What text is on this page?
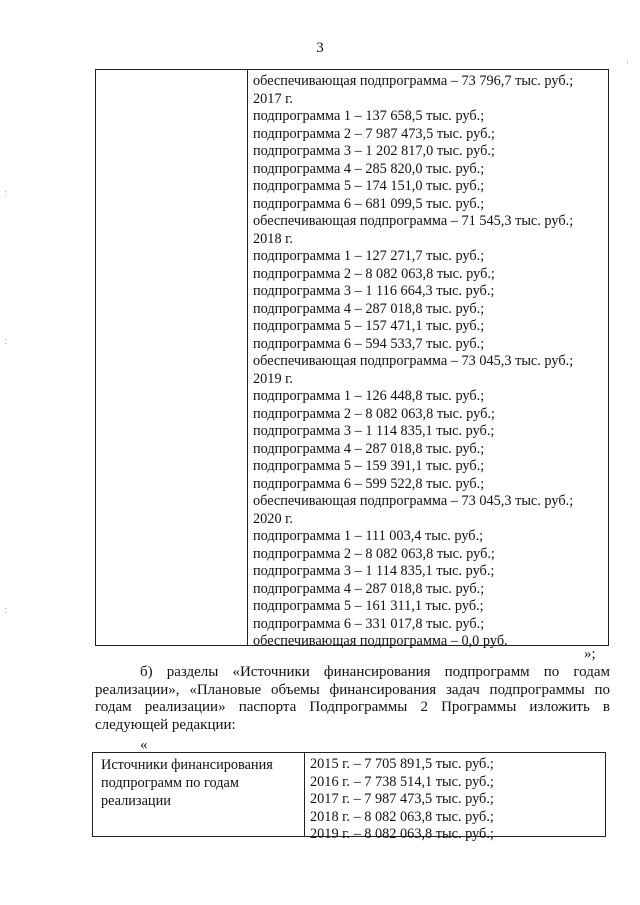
3
обеспечивающая подпрограмма – 73 796,7 тыс. руб.;
2017 г.
подпрограмма 1 – 137 658,5 тыс. руб.;
подпрограмма 2 – 7 987 473,5 тыс. руб.;
подпрограмма 3 – 1 202 817,0 тыс. руб.;
подпрограмма 4 – 285 820,0 тыс. руб.;
подпрограмма 5 – 174 151,0 тыс. руб.;
подпрограмма 6 – 681 099,5 тыс. руб.;
обеспечивающая подпрограмма – 71 545,3 тыс. руб.;
2018 г.
подпрограмма 1 – 127 271,7 тыс. руб.;
подпрограмма 2 – 8 082 063,8 тыс. руб.;
подпрограмма 3 – 1 116 664,3 тыс. руб.;
подпрограмма 4 – 287 018,8 тыс. руб.;
подпрограмма 5 – 157 471,1 тыс. руб.;
подпрограмма 6 – 594 533,7 тыс. руб.;
обеспечивающая подпрограмма – 73 045,3 тыс. руб.;
2019 г.
подпрограмма 1 – 126 448,8 тыс. руб.;
подпрограмма 2 – 8 082 063,8 тыс. руб.;
подпрограмма 3 – 1 114 835,1 тыс. руб.;
подпрограмма 4 – 287 018,8 тыс. руб.;
подпрограмма 5 – 159 391,1 тыс. руб.;
подпрограмма 6 – 599 522,8 тыс. руб.;
обеспечивающая подпрограмма – 73 045,3 тыс. руб.;
2020 г.
подпрограмма 1 – 111 003,4 тыс. руб.;
подпрограмма 2 – 8 082 063,8 тыс. руб.;
подпрограмма 3 – 1 114 835,1 тыс. руб.;
подпрограмма 4 – 287 018,8 тыс. руб.;
подпрограмма 5 – 161 311,1 тыс. руб.;
подпрограмма 6 – 331 017,8 тыс. руб.;
обеспечивающая подпрограмма – 0,0 руб.
»;

б) разделы «Источники финансирования подпрограмм по годам реализации», «Плановые объемы финансирования задач подпрограммы по годам реализации» паспорта Подпрограммы 2 Программы изложить в следующей редакции:

«
Источники финансирования подпрограмм по годам реализации
2015 г. – 7 705 891,5 тыс. руб.;
2016 г. – 7 738 514,1 тыс. руб.;
2017 г. – 7 987 473,5 тыс. руб.;
2018 г. – 8 082 063,8 тыс. руб.;
2019 г. – 8 082 063,8 тыс. руб.;
:
:
:
'
